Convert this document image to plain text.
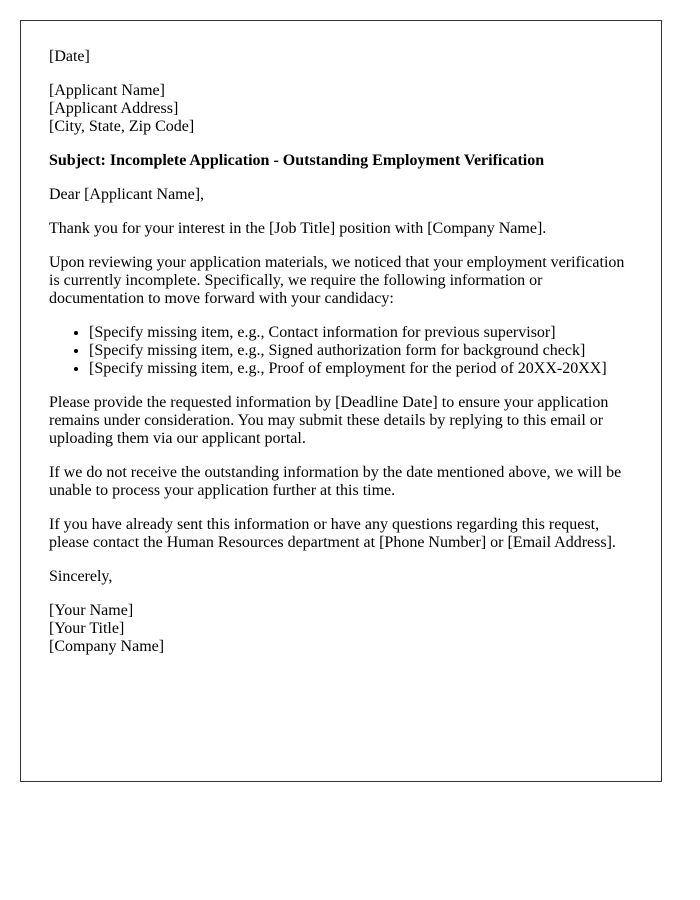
[Date]

[Applicant Name]
[Applicant Address]
[City, State, Zip Code]

Subject: Incomplete Application - Outstanding Employment Verification

Dear [Applicant Name],

Thank you for your interest in the [Job Title] position with [Company Name].

Upon reviewing your application materials, we noticed that your employment verification is currently incomplete. Specifically, we require the following information or documentation to move forward with your candidacy:

• [Specify missing item, e.g., Contact information for previous supervisor]
• [Specify missing item, e.g., Signed authorization form for background check]
• [Specify missing item, e.g., Proof of employment for the period of 20XX-20XX]

Please provide the requested information by [Deadline Date] to ensure your application remains under consideration. You may submit these details by replying to this email or uploading them via our applicant portal.

If we do not receive the outstanding information by the date mentioned above, we will be unable to process your application further at this time.

If you have already sent this information or have any questions regarding this request, please contact the Human Resources department at [Phone Number] or [Email Address].

Sincerely,

[Your Name]
[Your Title]
[Company Name]
